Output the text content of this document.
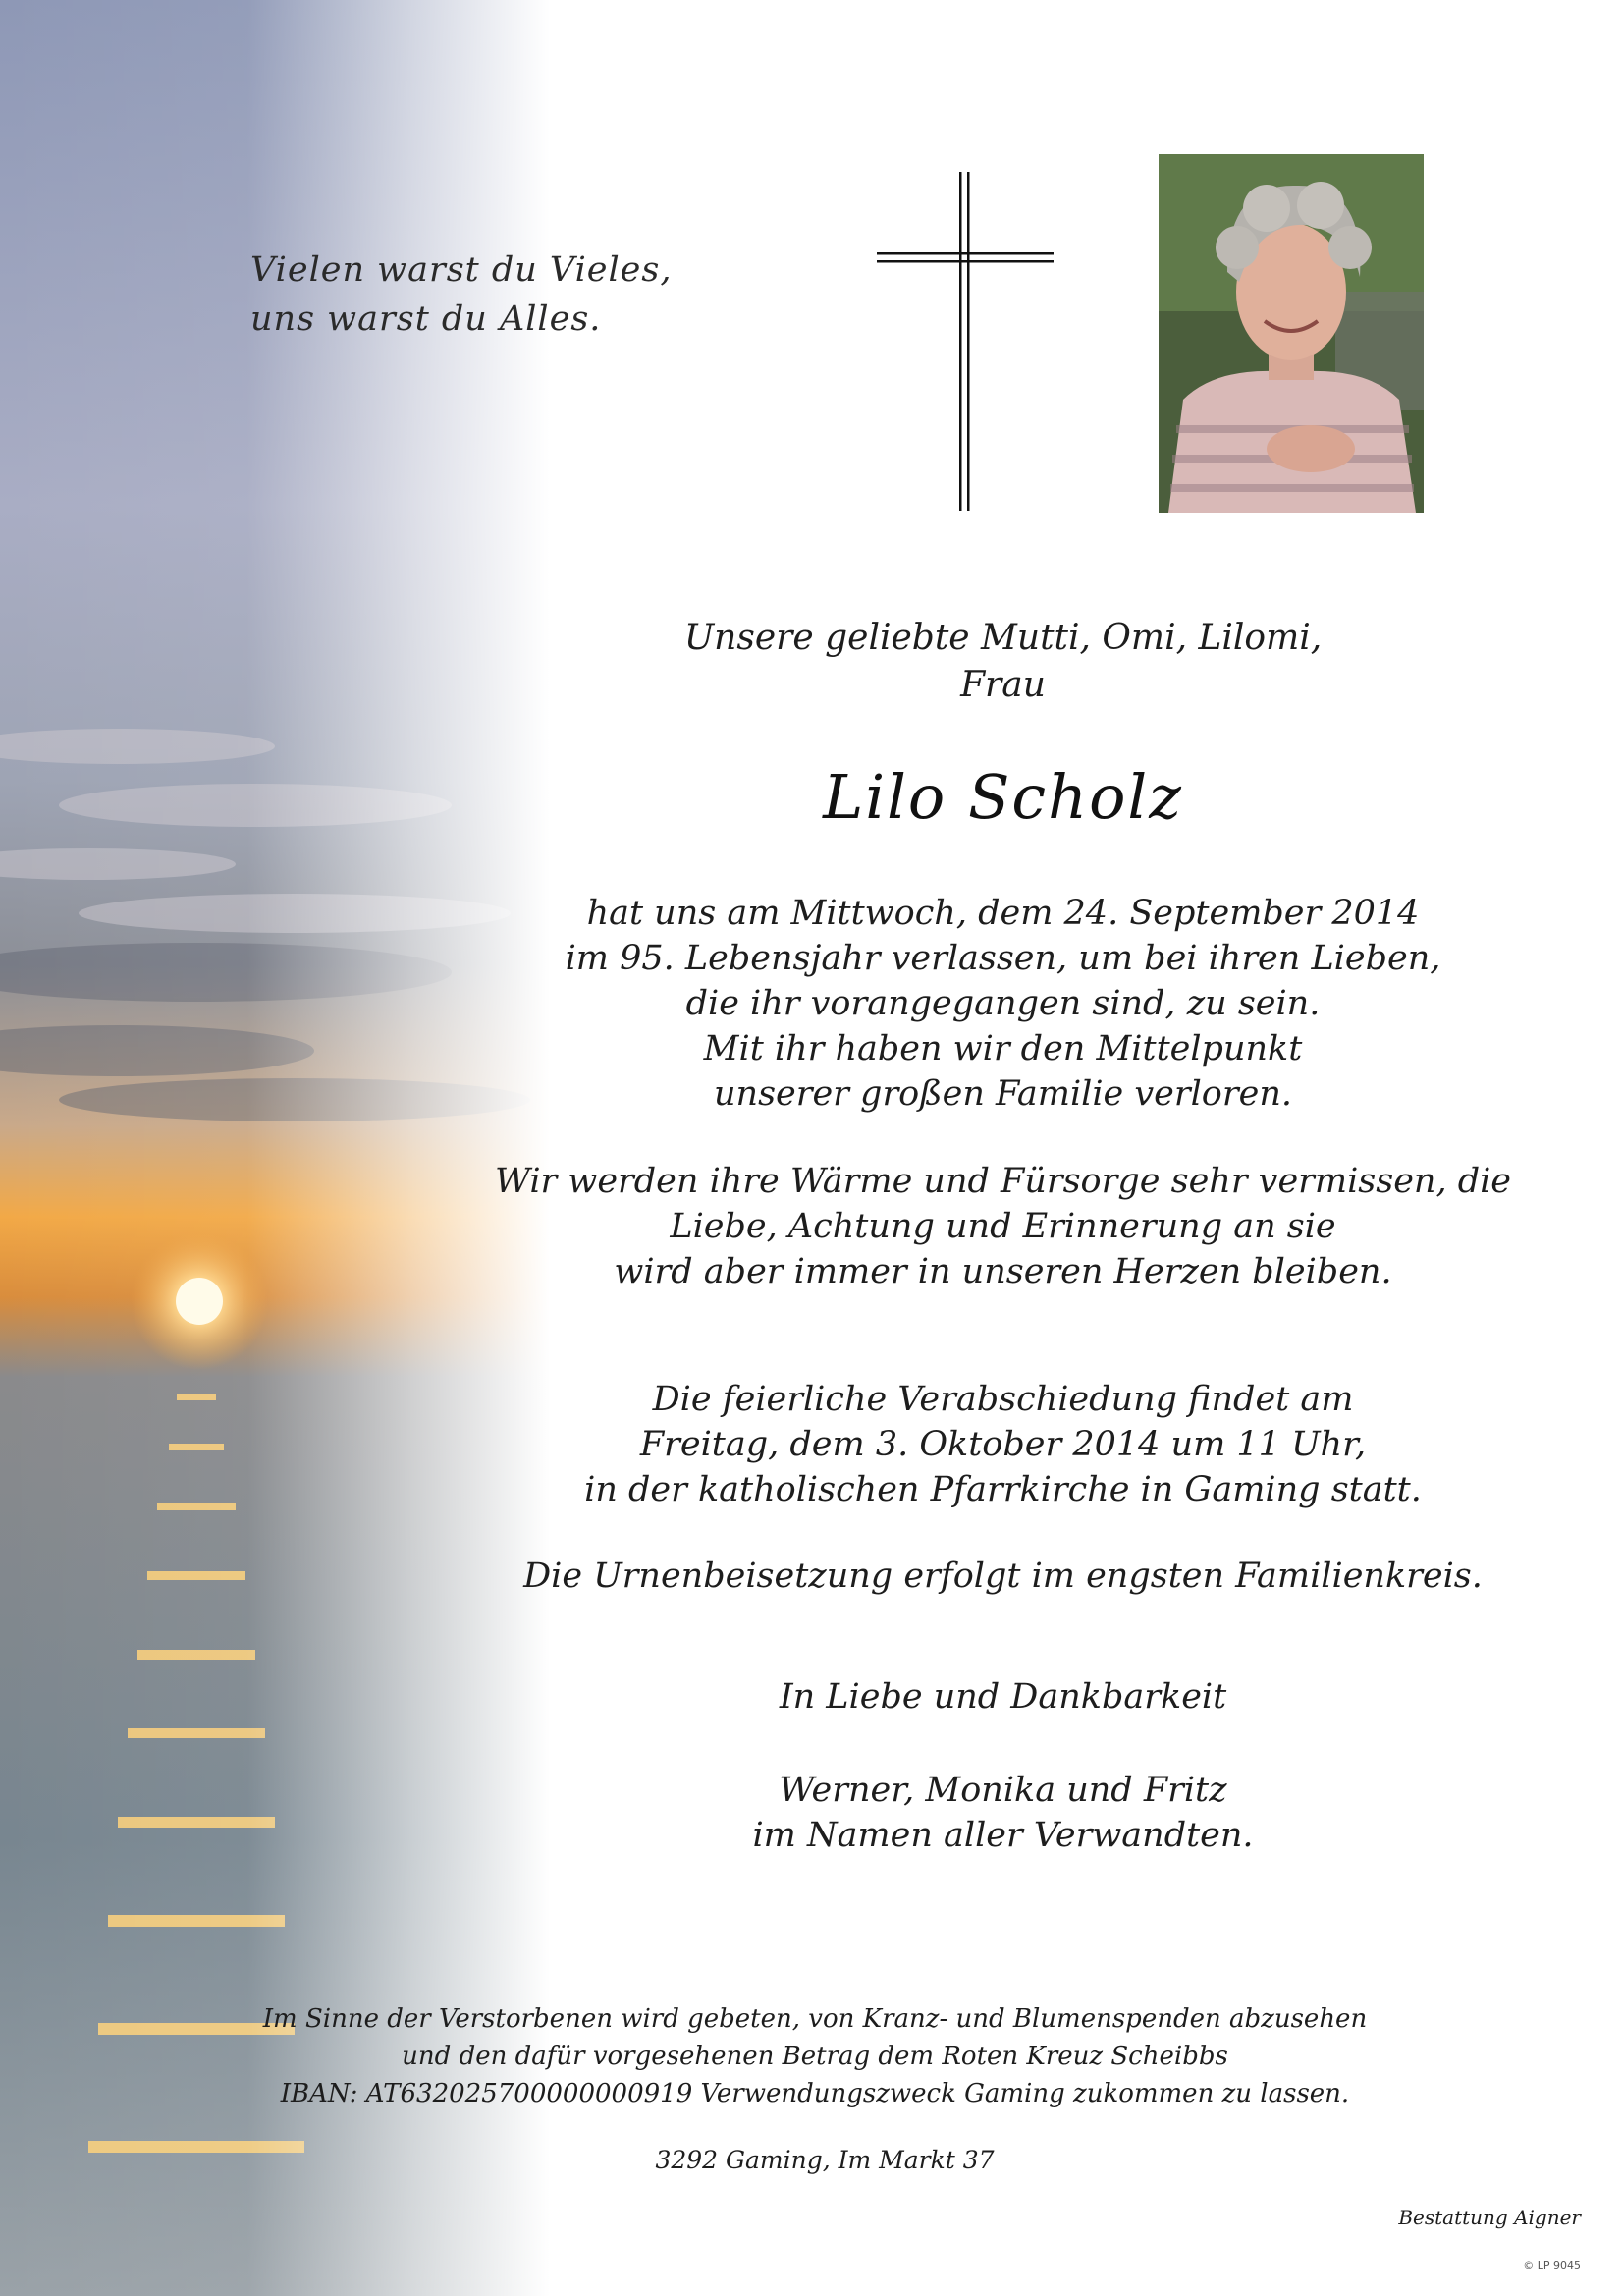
Vielen warst du Vieles,
uns warst du Alles.
Unsere geliebte Mutti, Omi, Lilomi,
Frau
Lilo Scholz
hat uns am Mittwoch, dem 24. September 2014
im 95. Lebensjahr verlassen, um bei ihren Lieben,
die ihr vorangegangen sind, zu sein.
Mit ihr haben wir den Mittelpunkt
unserer großen Familie verloren.
Wir werden ihre Wärme und Fürsorge sehr vermissen, die
Liebe, Achtung und Erinnerung an sie
wird aber immer in unseren Herzen bleiben.
Die feierliche Verabschiedung findet am
Freitag, dem 3. Oktober 2014 um 11 Uhr,
in der katholischen Pfarrkirche in Gaming statt.
Die Urnenbeisetzung erfolgt im engsten Familienkreis.
In Liebe und Dankbarkeit
Werner, Monika und Fritz
im Namen aller Verwandten.
Im Sinne der Verstorbenen wird gebeten, von Kranz- und Blumenspenden abzusehen
und den dafür vorgesehenen Betrag dem Roten Kreuz Scheibbs
IBAN: AT632025700000000919 Verwendungszweck Gaming zukommen zu lassen.
3292 Gaming, Im Markt 37
Bestattung Aigner
© LP 9045
